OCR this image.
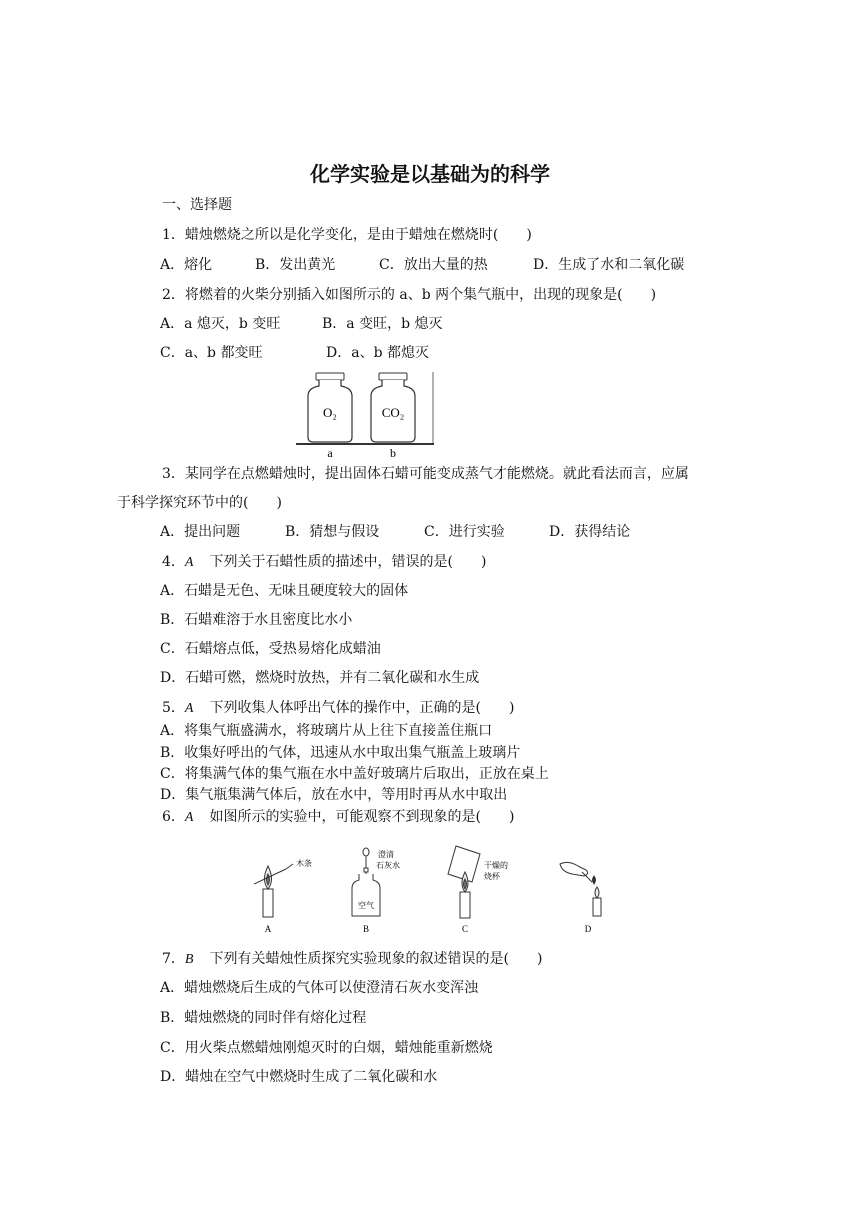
化学实验是以基础为的科学
一、选择题
1．蜡烛燃烧之所以是化学变化，是由于蜡烛在燃烧时(　　)
A．熔化	B．发出黄光	C．放出大量的热	D．生成了水和二氧化碳
2．将燃着的火柴分别插入如图所示的 a、b 两个集气瓶中，出现的现象是(　　)
A．a 熄灭，b 变旺	B．a 变旺，b 熄灭
C．a、b 都变旺	D．a、b 都熄灭
O₂	CO₂
a	b
3．某同学在点燃蜡烛时，提出固体石蜡可能变成蒸气才能燃烧。就此看法而言，应属
于科学探究环节中的(　　)
A．提出问题	B．猜想与假设	C．进行实验	D．获得结论
4．A 下列关于石蜡性质的描述中，错误的是(　　)
A．石蜡是无色、无味且硬度较大的固体
B．石蜡难溶于水且密度比水小
C．石蜡熔点低，受热易熔化成蜡油
D．石蜡可燃，燃烧时放热，并有二氧化碳和水生成
5．A 下列收集人体呼出气体的操作中，正确的是(　　)
A．将集气瓶盛满水，将玻璃片从上往下直接盖住瓶口
B．收集好呼出的气体，迅速从水中取出集气瓶盖上玻璃片
C．将集满气体的集气瓶在水中盖好玻璃片后取出，正放在桌上
D．集气瓶集满气体后，放在水中，等用时再从水中取出
6．A 如图所示的实验中，可能观察不到现象的是(　　)
木条
A
澄清
石灰水
空气
B
干燥的
烧杯
C	D
7．B 下列有关蜡烛性质探究实验现象的叙述错误的是(　　)
A．蜡烛燃烧后生成的气体可以使澄清石灰水变浑浊
B．蜡烛燃烧的同时伴有熔化过程
C．用火柴点燃蜡烛刚熄灭时的白烟，蜡烛能重新燃烧
D．蜡烛在空气中燃烧时生成了二氧化碳和水
